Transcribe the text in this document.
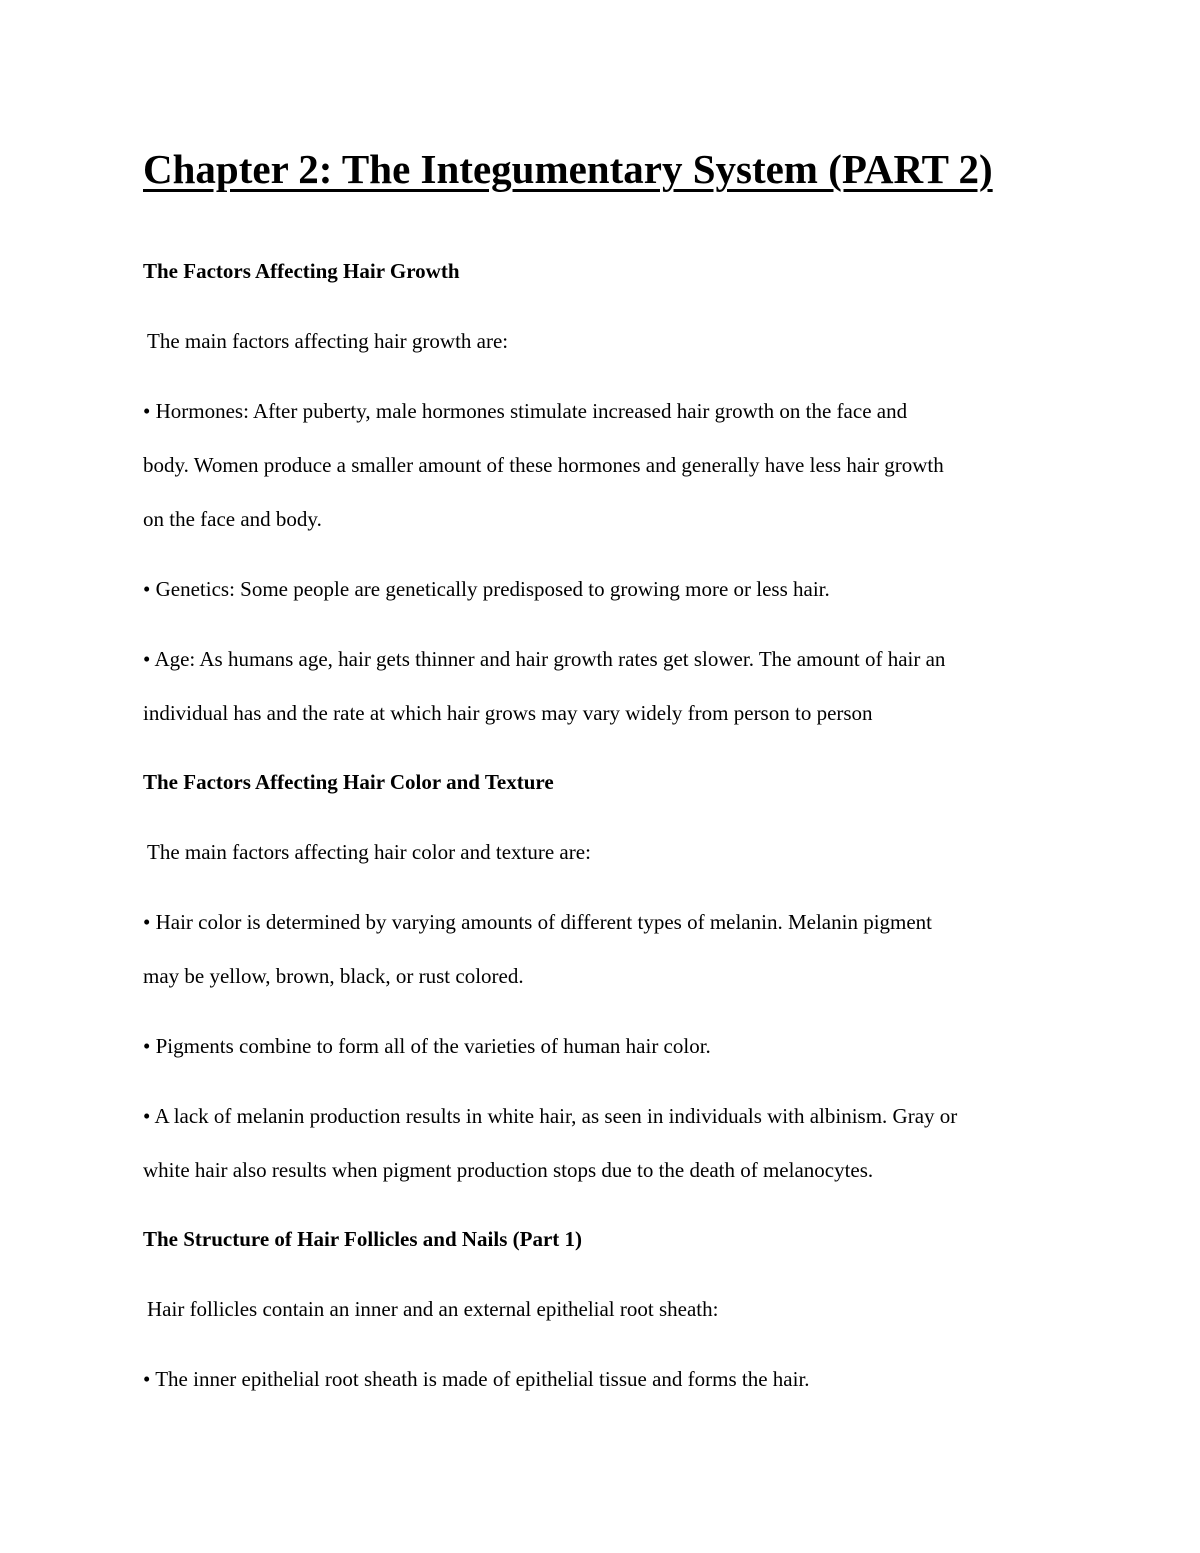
Chapter 2: The Integumentary System (PART 2)

The Factors Affecting Hair Growth

The main factors affecting hair growth are:

• Hormones: After puberty, male hormones stimulate increased hair growth on the face and

body. Women produce a smaller amount of these hormones and generally have less hair growth

on the face and body.

• Genetics: Some people are genetically predisposed to growing more or less hair.

• Age: As humans age, hair gets thinner and hair growth rates get slower. The amount of hair an

individual has and the rate at which hair grows may vary widely from person to person

The Factors Affecting Hair Color and Texture

The main factors affecting hair color and texture are:

• Hair color is determined by varying amounts of different types of melanin. Melanin pigment

may be yellow, brown, black, or rust colored.

• Pigments combine to form all of the varieties of human hair color.

• A lack of melanin production results in white hair, as seen in individuals with albinism. Gray or

white hair also results when pigment production stops due to the death of melanocytes.

The Structure of Hair Follicles and Nails (Part 1)

Hair follicles contain an inner and an external epithelial root sheath:

• The inner epithelial root sheath is made of epithelial tissue and forms the hair.
